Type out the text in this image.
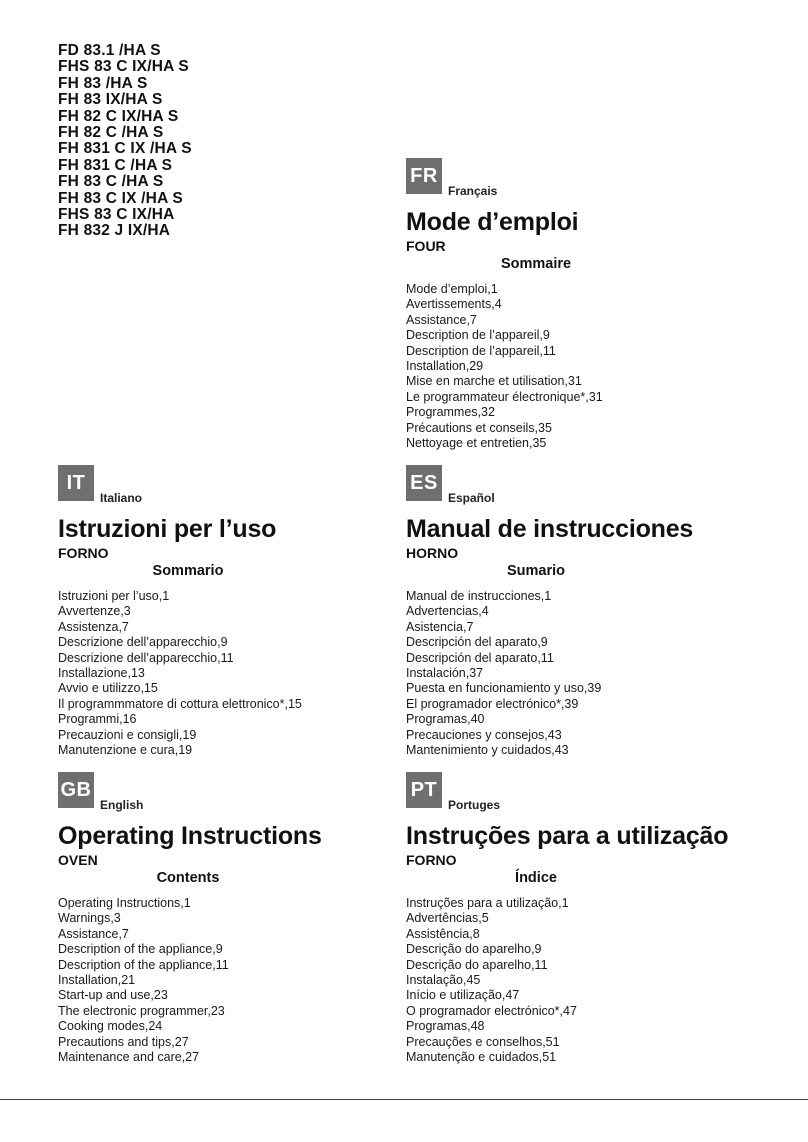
FD 83.1 /HA S
FHS 83 C IX/HA S
FH 83 /HA S
FH 83 IX/HA S
FH 82 C IX/HA S
FH 82 C /HA S
FH 831 C IX /HA S
FH 831 C /HA S
FH 83 C /HA S
FH 83 C IX /HA S
FHS 83 C IX/HA
FH 832 J IX/HA
FR
Français
Mode d’emploi
FOUR
Sommaire
Mode d’emploi,1
Avertissements,4
Assistance,7
Description de l’appareil,9
Description de l’appareil,11
Installation,29
Mise en marche et utilisation,31
Le programmateur électronique*,31
Programmes,32
Précautions et conseils,35
Nettoyage et entretien,35
IT
Italiano
Istruzioni per l’uso
FORNO
Sommario
Istruzioni per l’uso,1
Avvertenze,3
Assistenza,7
Descrizione dell’apparecchio,9
Descrizione dell’apparecchio,11
Installazione,13
Avvio e utilizzo,15
Il programmmatore di cottura elettronico*,15
Programmi,16
Precauzioni e consigli,19
Manutenzione e cura,19
ES
Español
Manual de instrucciones
HORNO
Sumario
Manual de instrucciones,1
Advertencias,4
Asistencia,7
Descripción del aparato,9
Descripción del aparato,11
Instalación,37
Puesta en funcionamiento y uso,39
El programador electrónico*,39
Programas,40
Precauciones y consejos,43
Mantenimiento y cuidados,43
GB
English
Operating Instructions
OVEN
Contents
Operating Instructions,1
Warnings,3
Assistance,7
Description of the appliance,9
Description of the appliance,11
Installation,21
Start-up and use,23
The electronic programmer,23
Cooking modes,24
Precautions and tips,27
Maintenance and care,27
PT
Portuges
Instruções para a utilização
FORNO
Índice
Instruções para a utilização,1
Advertências,5
Assistência,8
Descrição do aparelho,9
Descrição do aparelho,11
Instalação,45
Início e utilização,47
O programador electrónico*,47
Programas,48
Precauções e conselhos,51
Manutenção e cuidados,51
